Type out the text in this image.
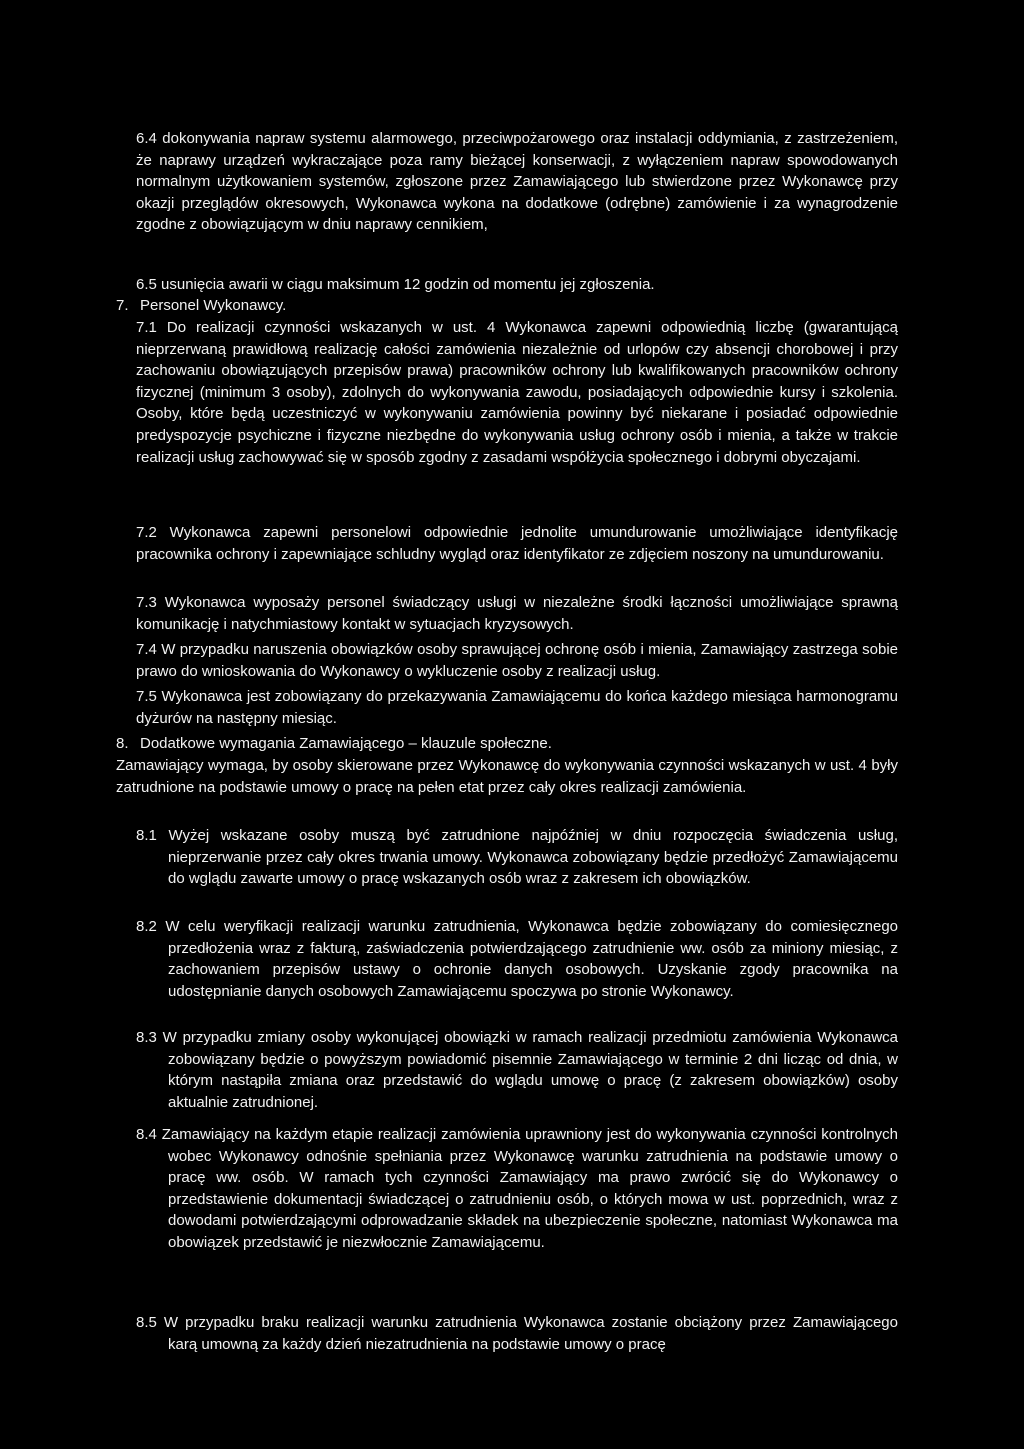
6.4 dokonywania napraw systemu alarmowego, przeciwpożarowego oraz instalacji oddymiania, z zastrzeżeniem, że naprawy urządzeń wykraczające poza ramy bieżącej konserwacji, z wyłączeniem napraw spowodowanych normalnym użytkowaniem systemów, zgłoszone przez Zamawiającego lub stwierdzone przez Wykonawcę przy okazji przeglądów okresowych, Wykonawca wykona na dodatkowe (odrębne) zamówienie i za wynagrodzenie zgodne z obowiązującym w dniu naprawy cennikiem,

6.5 usunięcia awarii w ciągu maksimum 12 godzin od momentu jej zgłoszenia.

7. Personel Wykonawcy.

7.1 Do realizacji czynności wskazanych w ust. 4 Wykonawca zapewni odpowiednią liczbę (gwarantującą nieprzerwaną prawidłową realizację całości zamówienia niezależnie od urlopów czy absencji chorobowej i przy zachowaniu obowiązujących przepisów prawa) pracowników ochrony lub kwalifikowanych pracowników ochrony fizycznej (minimum 3 osoby), zdolnych do wykonywania zawodu, posiadających odpowiednie kursy i szkolenia. Osoby, które będą uczestniczyć w wykonywaniu zamówienia powinny być niekarane i posiadać odpowiednie predyspozycje psychiczne i fizyczne niezbędne do wykonywania usług ochrony osób i mienia, a także w trakcie realizacji usług zachowywać się w sposób zgodny z zasadami współżycia społecznego i dobrymi obyczajami.

7.2 Wykonawca zapewni personelowi odpowiednie jednolite umundurowanie umożliwiające identyfikację pracownika ochrony i zapewniające schludny wygląd oraz identyfikator ze zdjęciem noszony na umundurowaniu.

7.3 Wykonawca wyposaży personel świadczący usługi w niezależne środki łączności umożliwiające sprawną komunikację i natychmiastowy kontakt w sytuacjach kryzysowych.

7.4 W przypadku naruszenia obowiązków osoby sprawującej ochronę osób i mienia, Zamawiający zastrzega sobie prawo do wnioskowania do Wykonawcy o wykluczenie osoby z realizacji usług.

7.5 Wykonawca jest zobowiązany do przekazywania Zamawiającemu do końca każdego miesiąca harmonogramu dyżurów na następny miesiąc.

8. Dodatkowe wymagania Zamawiającego – klauzule społeczne.

Zamawiający wymaga, by osoby skierowane przez Wykonawcę do wykonywania czynności wskazanych w ust. 4 były zatrudnione na podstawie umowy o pracę na pełen etat przez cały okres realizacji zamówienia.

8.1 Wyżej wskazane osoby muszą być zatrudnione najpóźniej w dniu rozpoczęcia świadczenia usług, nieprzerwanie przez cały okres trwania umowy. Wykonawca zobowiązany będzie przedłożyć Zamawiającemu do wglądu zawarte umowy o pracę wskazanych osób wraz z zakresem ich obowiązków.

8.2 W celu weryfikacji realizacji warunku zatrudnienia, Wykonawca będzie zobowiązany do comiesięcznego przedłożenia wraz z fakturą, zaświadczenia potwierdzającego zatrudnienie ww. osób za miniony miesiąc, z zachowaniem przepisów ustawy o ochronie danych osobowych. Uzyskanie zgody pracownika na udostępnianie danych osobowych Zamawiającemu spoczywa po stronie Wykonawcy.

8.3 W przypadku zmiany osoby wykonującej obowiązki w ramach realizacji przedmiotu zamówienia Wykonawca zobowiązany będzie o powyższym powiadomić pisemnie Zamawiającego w terminie 2 dni licząc od dnia, w którym nastąpiła zmiana oraz przedstawić do wglądu umowę o pracę (z zakresem obowiązków) osoby aktualnie zatrudnionej.

8.4 Zamawiający na każdym etapie realizacji zamówienia uprawniony jest do wykonywania czynności kontrolnych wobec Wykonawcy odnośnie spełniania przez Wykonawcę warunku zatrudnienia na podstawie umowy o pracę ww. osób. W ramach tych czynności Zamawiający ma prawo zwrócić się do Wykonawcy o przedstawienie dokumentacji świadczącej o zatrudnieniu osób, o których mowa w ust. poprzednich, wraz z dowodami potwierdzającymi odprowadzanie składek na ubezpieczenie społeczne, natomiast Wykonawca ma obowiązek przedstawić je niezwłocznie Zamawiającemu.

8.5 W przypadku braku realizacji warunku zatrudnienia Wykonawca zostanie obciążony przez Zamawiającego karą umowną za każdy dzień niezatrudnienia na podstawie umowy o pracę
